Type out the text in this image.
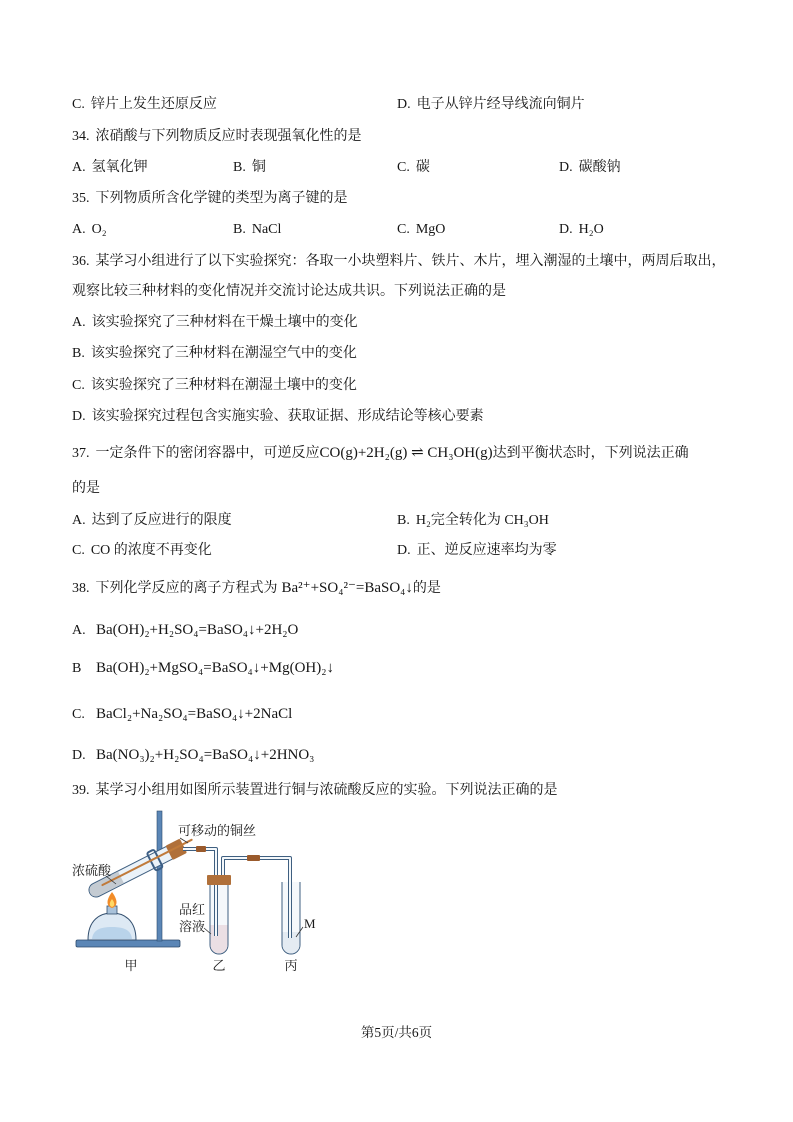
C. 锌片上发生还原反应	D. 电子从锌片经导线流向铜片
34. 浓硝酸与下列物质反应时表现强氧化性的是
A. 氢氧化钾	B. 铜	C. 碳	D. 碳酸钠
35. 下列物质所含化学键的类型为离子键的是
A. O₂	B. NaCl	C. MgO	D. H₂O
36. 某学习小组进行了以下实验探究：各取一小块塑料片、铁片、木片，埋入潮湿的土壤中，两周后取出，
观察比较三种材料的变化情况并交流讨论达成共识。下列说法正确的是
A. 该实验探究了三种材料在干燥土壤中的变化
B. 该实验探究了三种材料在潮湿空气中的变化
C. 该实验探究了三种材料在潮湿土壤中的变化
D. 该实验探究过程包含实施实验、获取证据、形成结论等核心要素
37. 一定条件下的密闭容器中，可逆反应CO(g)+2H₂(g) ⇌ CH₃OH(g)达到平衡状态时，下列说法正确
的是
A. 达到了反应进行的限度	B. H₂完全转化为 CH₃OH
C. CO 的浓度不再变化	D. 正、逆反应速率均为零
38. 下列化学反应的离子方程式为 Ba²⁺+SO₄²⁻=BaSO₄↓的是
A. Ba(OH)₂+H₂SO₄=BaSO₄↓+2H₂O
B Ba(OH)₂+MgSO₄=BaSO₄↓+Mg(OH)₂↓
C. BaCl₂+Na₂SO₄=BaSO₄↓+2NaCl
D. Ba(NO₃)₂+H₂SO₄=BaSO₄↓+2HNO₃
39. 某学习小组用如图所示装置进行铜与浓硫酸反应的实验。下列说法正确的是
可移动的铜丝
浓硫酸
品红
溶液	M
甲	乙	丙
第5页/共6页
